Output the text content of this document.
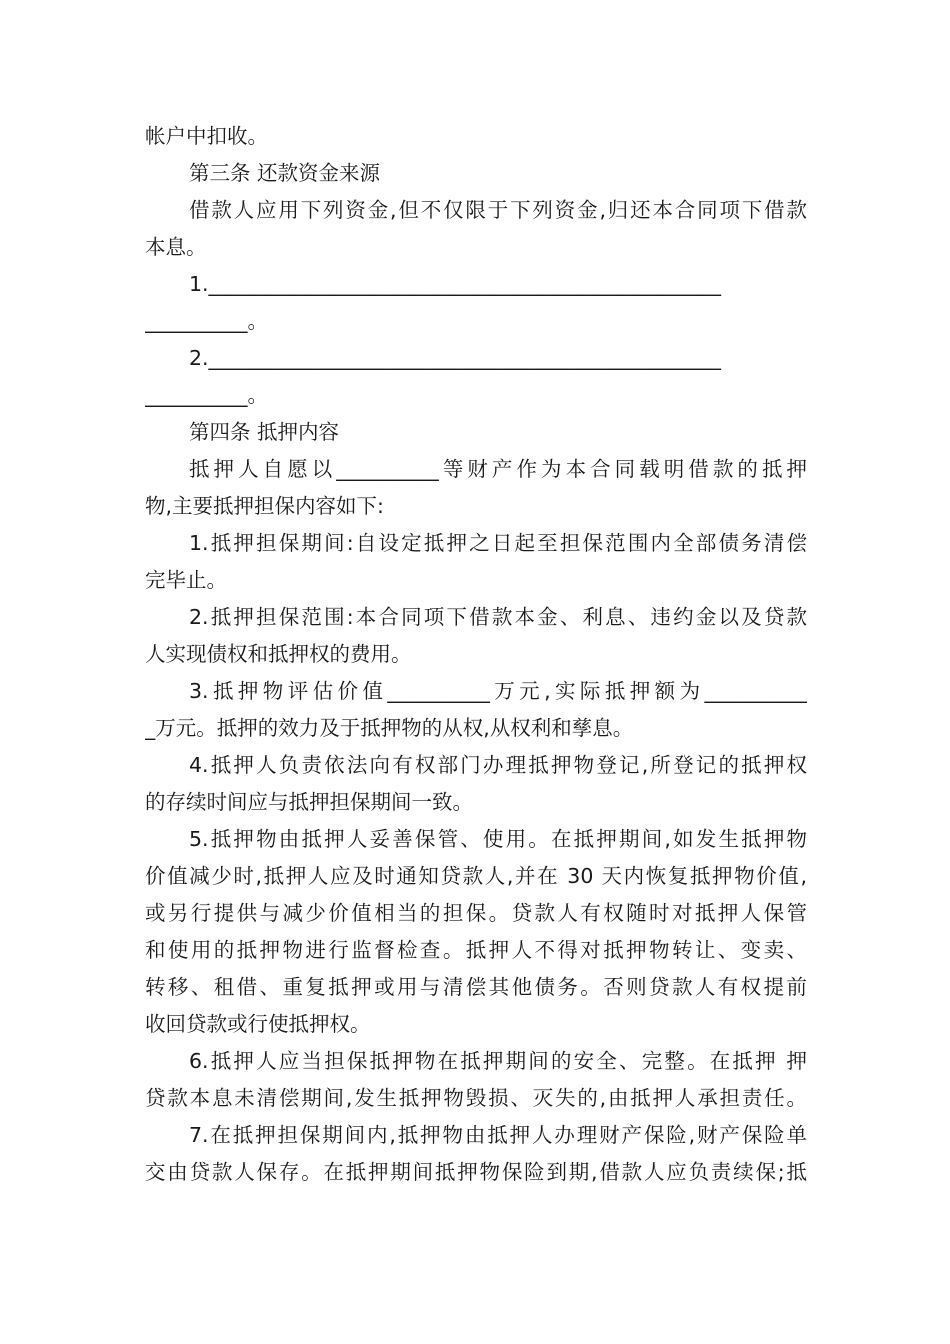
帐户中扣收。
第三条 还款资金来源
借款人应用下列资金,但不仅限于下列资金,归还本合同项下借款
本息。
1.__________________________________________________
__________。
2.__________________________________________________
__________。
第四条 抵押内容
抵押人自愿以__________等财产作为本合同载明借款的抵押
物,主要抵押担保内容如下:
1.抵押担保期间:自设定抵押之日起至担保范围内全部债务清偿
完毕止。
2.抵押担保范围:本合同项下借款本金、利息、违约金以及贷款
人实现债权和抵押权的费用。
3.抵押物评估价值__________万元,实际抵押额为__________
_万元。抵押的效力及于抵押物的从权,从权利和孳息。
4.抵押人负责依法向有权部门办理抵押物登记,所登记的抵押权
的存续时间应与抵押担保期间一致。
5.抵押物由抵押人妥善保管、使用。在抵押期间,如发生抵押物
价值减少时,抵押人应及时通知贷款人,并在 30 天内恢复抵押物价值,
或另行提供与减少价值相当的担保。贷款人有权随时对抵押人保管
和使用的抵押物进行监督检查。抵押人不得对抵押物转让、变卖、
转移、租借、重复抵押或用与清偿其他债务。否则贷款人有权提前
收回贷款或行使抵押权。
6.抵押人应当担保抵押物在抵押期间的安全、完整。在抵押 押
贷款本息未清偿期间,发生抵押物毁损、灭失的,由抵押人承担责任。
7.在抵押担保期间内,抵押物由抵押人办理财产保险,财产保险单
交由贷款人保存。在抵押期间抵押物保险到期,借款人应负责续保;抵
